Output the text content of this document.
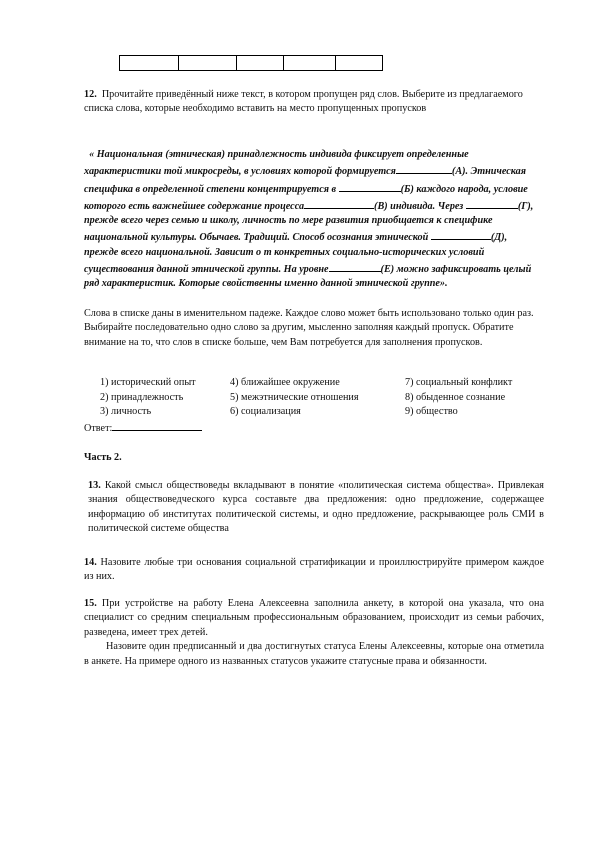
12. Прочитайте приведённый ниже текст, в котором пропущен ряд слов. Выберите из предлагаемого списка слова, которые необходимо вставить на место пропущенных пропусков
« Национальная (этническая) принадлежность индивида фиксирует определенные характеристики той микросреды, в условиях которой формируется	(А). Этническая специфика в определенной степени концентрируется в	(Б) каждого народа, условие которого есть важнейшее содержание процесса	(В) индивида. Через	(Г), прежде всего через семью и школу, личность по мере развития приобщается к специфике национальной культуры. Обычаев. Традиций. Способ осознания этнической	(Д), прежде всего национальной. Зависит о т конкретных социально-исторических условий существования данной этнической группы. На уровне	(Е) можно зафиксировать целый ряд характеристик. Которые свойственны именно данной этнической группе».
Слова в списке даны в именительном падеже. Каждое слово может быть использовано только один раз. Выбирайте последовательно одно слово за другим, мысленно заполняя каждый пропуск. Обратите внимание на то, что слов в списке больше, чем Вам потребуется для заполнения пропусков.
1) исторический опыт	4) ближайшее окружение	7) социальный конфликт
2) принадлежность	5) межэтнические отношения	8) обыденное сознание
3) личность	6) социализация	9) общество
Ответ:
Часть 2.
13. Какой смысл обществоведы вкладывают в понятие «политическая система общества». Привлекая знания обществоведческого курса составьте два предложения: одно предложение, содержащее информацию об институтах политической системы, и одно предложение, раскрывающее роль СМИ в политической системе общества
14. Назовите любые три основания социальной стратификации и проиллюстрируйте примером каждое из них.
15. При устройстве на работу Елена Алексеевна заполнила анкету, в которой она указала, что она специалист со средним специальным профессиональным образованием, происходит из семьи рабочих, разведена, имеет трех детей.
Назовите один предписанный и два достигнутых статуса Елены Алексеевны, которые она отметила в анкете. На примере одного из названных статусов укажите статусные права и обязанности.
